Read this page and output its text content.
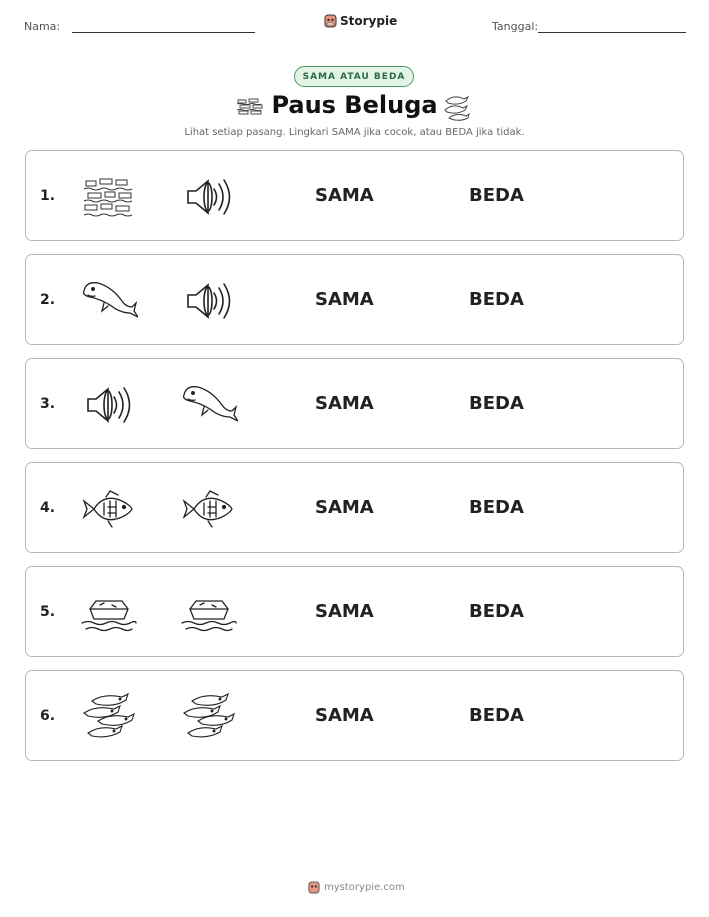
Nama:	Storypie	Tanggal:
SAMA ATAU BEDA
Paus Beluga
Lihat setiap pasang. Lingkari SAMA jika cocok, atau BEDA jika tidak.
1.	SAMA	BEDA
2.	SAMA	BEDA
3.	SAMA	BEDA
4.	SAMA	BEDA
5.	SAMA	BEDA
6.	SAMA	BEDA
mystorypie.com
